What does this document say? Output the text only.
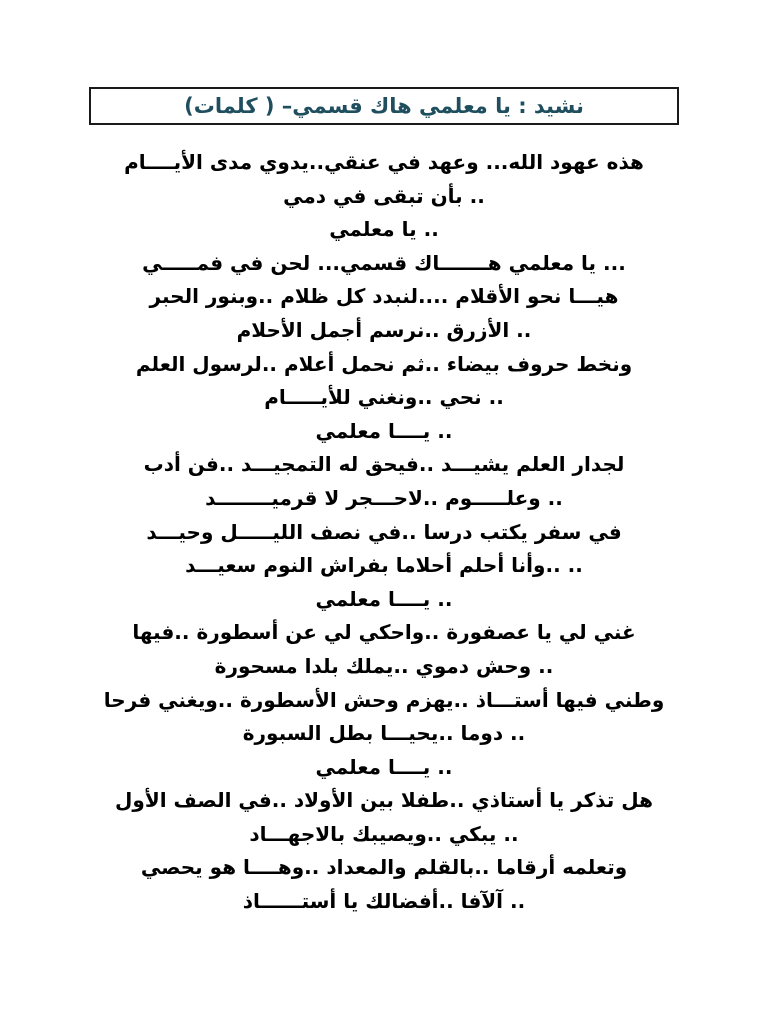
نشيد : يا معلمي هاك قسمي– ( كلمات)
هذه عهود الله... وعهد في عنقي..يدوي مدى الأيــــام
.. بأن تبقى في دمي
.. يا معلمي
... يا معلمي هـــــــاك قسمي... لحن في فمـــــي
هيـــا نحو الأقلام ....لنبدد كل ظلام ..وبنور الحبر
.. الأزرق ..نرسم أجمل الأحلام
ونخط حروف بيضاء ..ثم نحمل أعلام ..لرسول العلم
.. نحي ..ونغني للأيـــــام
.. يــــا معلمي
لجدار العلم يشيـــد ..فيحق له التمجيـــد ..فن أدب
.. وعلـــــوم ..لاحـــجر لا قرميــــــــد
في سفر يكتب درسا ..في نصف الليـــــل وحيـــد
.. ..وأنا أحلم أحلاما بفراش النوم سعيـــد
.. يــــا معلمي
غني لي يا عصفورة ..واحكي لي عن أسطورة ..فيها
.. وحش دموي ..يملك بلدا مسحورة
وطني فيها أستـــاذ ..يهزم وحش الأسطورة ..ويغني فرحا
.. دوما ..يحيـــا بطل السبورة
.. يــــا معلمي
هل تذكر يا أستاذي ..طفلا بين الأولاد ..في الصف الأول
.. يبكي ..ويصيبك بالاجهـــاد
وتعلمه أرقاما ..بالقلم والمعداد ..وهــــا هو يحصي
.. آلآفا ..أفضالك يا أستــــــاذ
